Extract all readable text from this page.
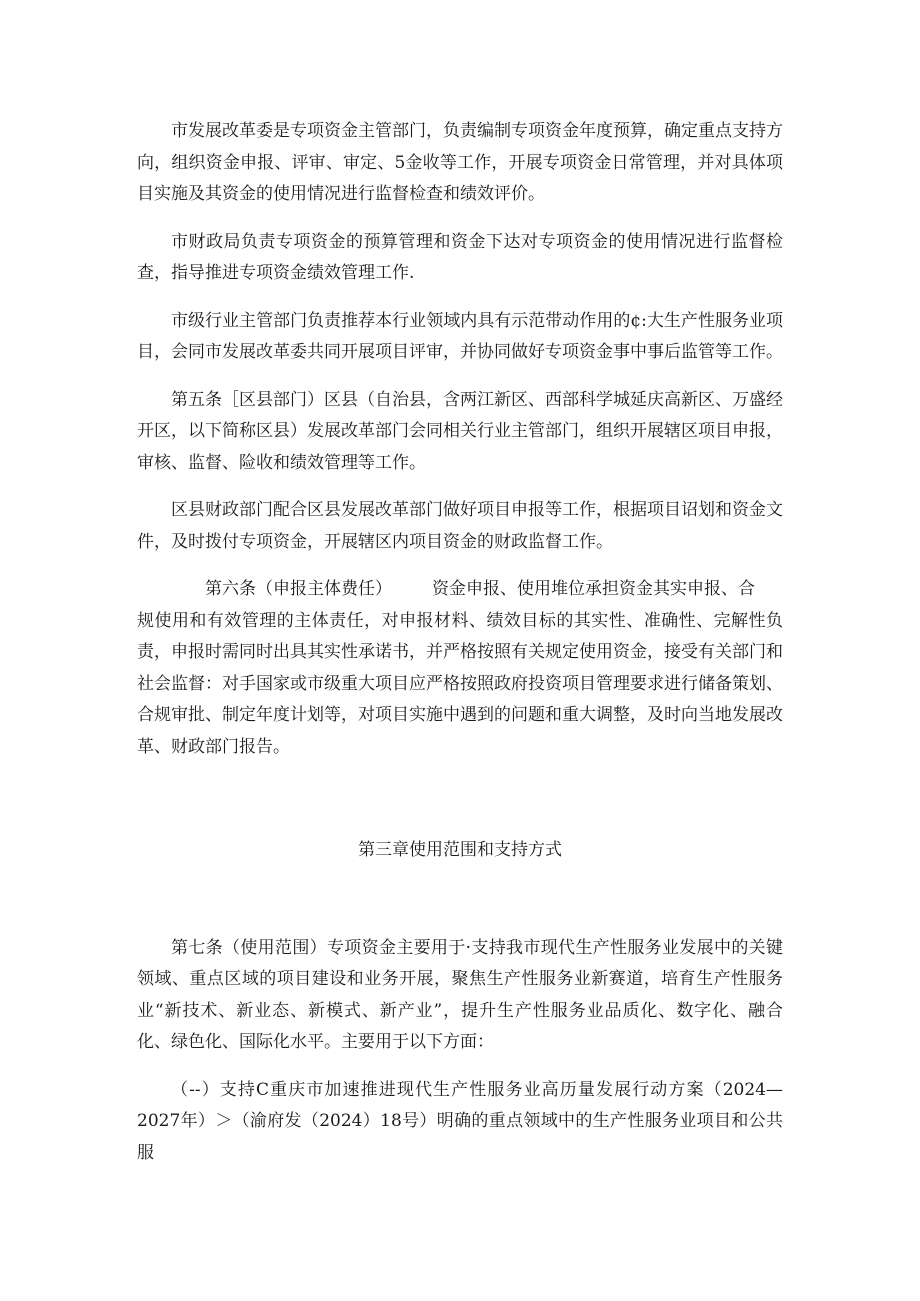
市发展改革委是专项资金主管部门，负责编制专项资金年度预算，确定重点支持方向，组织资金申报、评审、审定、5金收等工作，开展专项资金日常管理，并对具体项目实施及其资金的使用情况进行监督检查和绩效评价。

市财政局负责专项资金的预算管理和资金下达对专项资金的使用情况进行监督检查，指导推进专项资金绩效管理工作.

市级行业主管部门负责推荐本行业领域内具有示范带动作用的¢:大生产性服务业项目，会同市发展改革委共同开展项目评审，并协同做好专项资金事中事后监管等工作。

第五条［区县部门）区县（自治县，含两江新区、西部科学城延庆高新区、万盛经开区，以下简称区县）发展改革部门会同相关行业主管部门，组织开展辖区项目申报，审核、监督、险收和绩效管理等工作。

区县财政部门配合区县发展改革部门做好项目申报等工作，根据项目诏划和资金文件，及时拨付专项资金，开展辖区内项目资金的财政监督工作。

第六条（申报主体费任） 资金申报、使用堆位承担资金其实申报、合
规使用和有效管理的主体责任，对申报材料、绩效目标的其实性、准确性、完解性负责，申报时需同时出具其实性承诺书，并严格按照有关规定使用资金，接受有关部门和社会监督：对手国家或市级重大项目应严格按照政府投资项目管理要求进行储备策划、合规审批、制定年度计划等，对项目实施中遇到的问题和重大调整，及时向当地发展改革、财政部门报告。

第三章使用范围和支持方式

第七条（使用范围）专项资金主要用于·支持我市现代生产性服务业发展中的关键领域、重点区域的项目建设和业务开展，聚焦生产性服务业新赛道，培育生产性服务业“新技术、新业态、新模式、新产业”，提升生产性服务业品质化、数字化、融合化、绿色化、国际化水平。主要用于以下方面：

（--）支持C重庆市加速推进现代生产性服务业高历量发展行动方案（2024—2027年）＞（渝府发（2024）18号）明确的重点领域中的生产性服务业项目和公共服
